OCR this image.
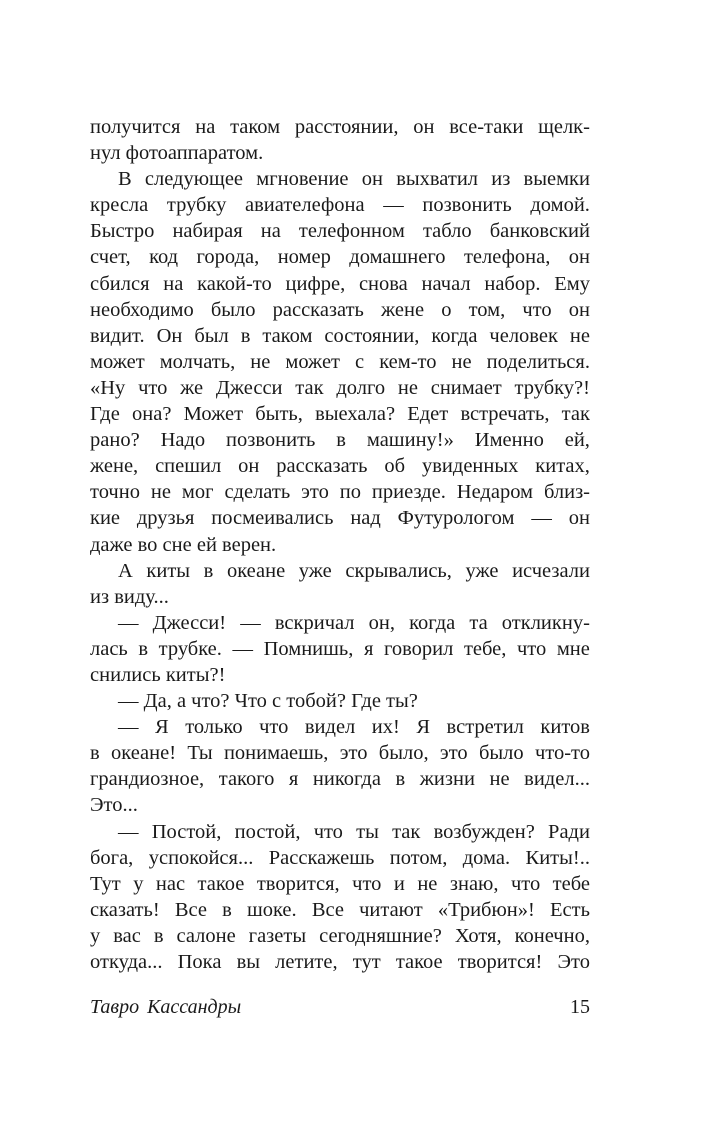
получится на таком расстоянии, он все-таки щелк-
нул фотоаппаратом.
В следующее мгновение он выхватил из выемки
кресла трубку авиателефона — позвонить домой.
Быстро набирая на телефонном табло банковский
счет, код города, номер домашнего телефона, он
сбился на какой-то цифре, снова начал набор. Ему
необходимо было рассказать жене о том, что он
видит. Он был в таком состоянии, когда человек не
может молчать, не может с кем-то не поделиться.
«Ну что же Джесси так долго не снимает трубку?!
Где она? Может быть, выехала? Едет встречать, так
рано? Надо позвонить в машину!» Именно ей,
жене, спешил он рассказать об увиденных китах,
точно не мог сделать это по приезде. Недаром близ-
кие друзья посмеивались над Футурологом — он
даже во сне ей верен.
А киты в океане уже скрывались, уже исчезали
из виду...
— Джесси! — вскричал он, когда та откликну-
лась в трубке. — Помнишь, я говорил тебе, что мне
снились киты?!
— Да, а что? Что с тобой? Где ты?
— Я только что видел их! Я встретил китов
в океане! Ты понимаешь, это было, это было что-то
грандиозное, такого я никогда в жизни не видел...
Это...
— Постой, постой, что ты так возбужден? Ради
бога, успокойся... Расскажешь потом, дома. Киты!..
Тут у нас такое творится, что и не знаю, что тебе
сказать! Все в шоке. Все читают «Трибюн»! Есть
у вас в салоне газеты сегодняшние? Хотя, конечно,
откуда... Пока вы летите, тут такое творится! Это
Тавро Кассандры	15
